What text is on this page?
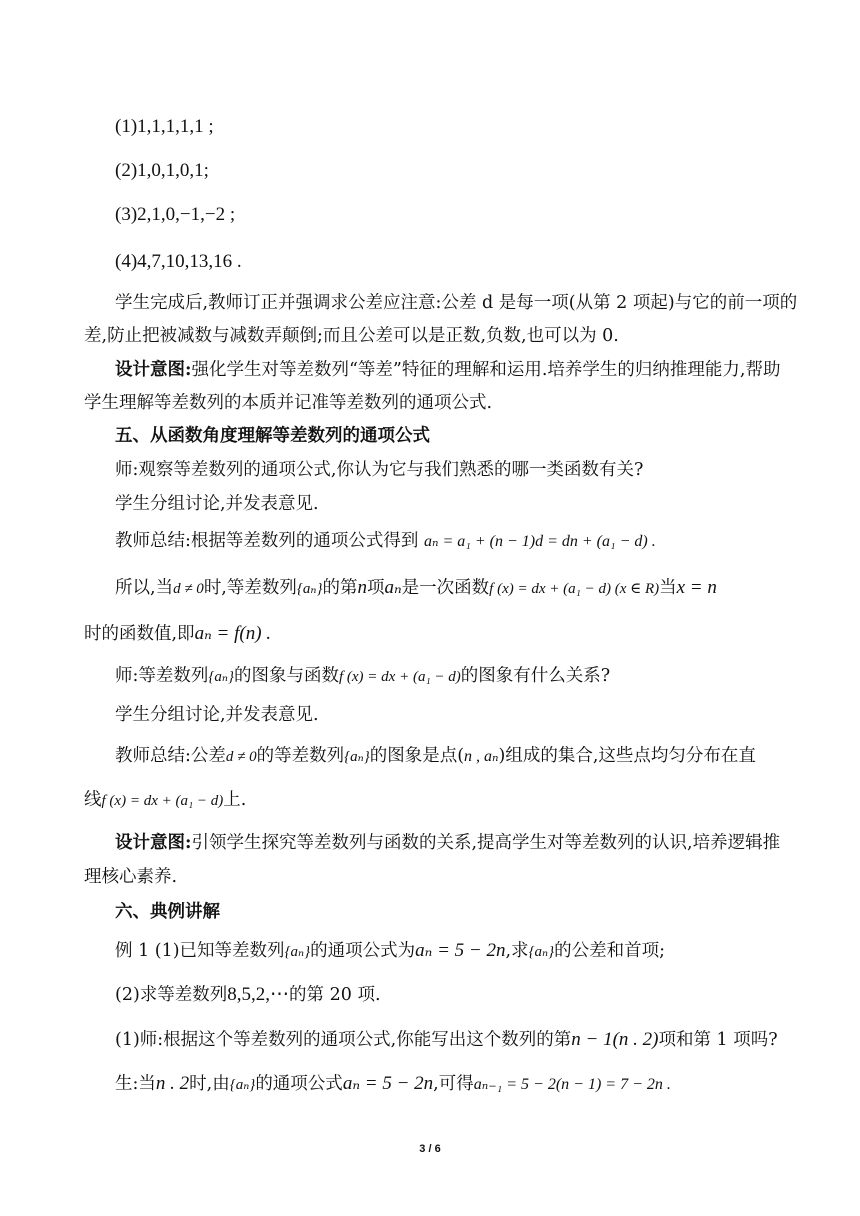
(1)1,1,1,1,1 ;
(2)1,0,1,0,1;
(3)2,1,0,−1,−2 ;
(4)4,7,10,13,16 .
学生完成后,教师订正并强调求公差应注意:公差 d 是每一项(从第 2 项起)与它的前一项的
差,防止把被减数与减数弄颠倒;而且公差可以是正数,负数,也可以为 0.
设计意图:强化学生对等差数列“等差”特征的理解和运用.培养学生的归纳推理能力,帮助
学生理解等差数列的本质并记准等差数列的通项公式.
五、从函数角度理解等差数列的通项公式
师:观察等差数列的通项公式,你认为它与我们熟悉的哪一类函数有关?
学生分组讨论,并发表意见.
教师总结:根据等差数列的通项公式得到 aₙ = a₁ + (n − 1)d = dn + (a₁ − d) .
所以,当d ≠ 0时,等差数列{aₙ}的第n项aₙ是一次函数f (x) = dx + (a₁ − d) (x ∈ R)当x = n
时的函数值,即aₙ = f(n) .
师:等差数列{aₙ}的图象与函数f (x) = dx + (a₁ − d)的图象有什么关系?
学生分组讨论,并发表意见.
教师总结:公差d ≠ 0的等差数列{aₙ}的图象是点(n , aₙ)组成的集合,这些点均匀分布在直
线f (x) = dx + (a₁ − d)上.
设计意图:引领学生探究等差数列与函数的关系,提高学生对等差数列的认识,培养逻辑推
理核心素养.
六、典例讲解
例 1 (1)已知等差数列{aₙ}的通项公式为aₙ = 5 − 2n,求{aₙ}的公差和首项;
(2)求等差数列8,5,2,⋯的第 20 项.
(1)师:根据这个等差数列的通项公式,你能写出这个数列的第n − 1(n . 2)项和第 1 项吗?
生:当n . 2时,由{aₙ}的通项公式aₙ = 5 − 2n,可得aₙ₋₁ = 5 − 2(n − 1) = 7 − 2n .
3 / 6
